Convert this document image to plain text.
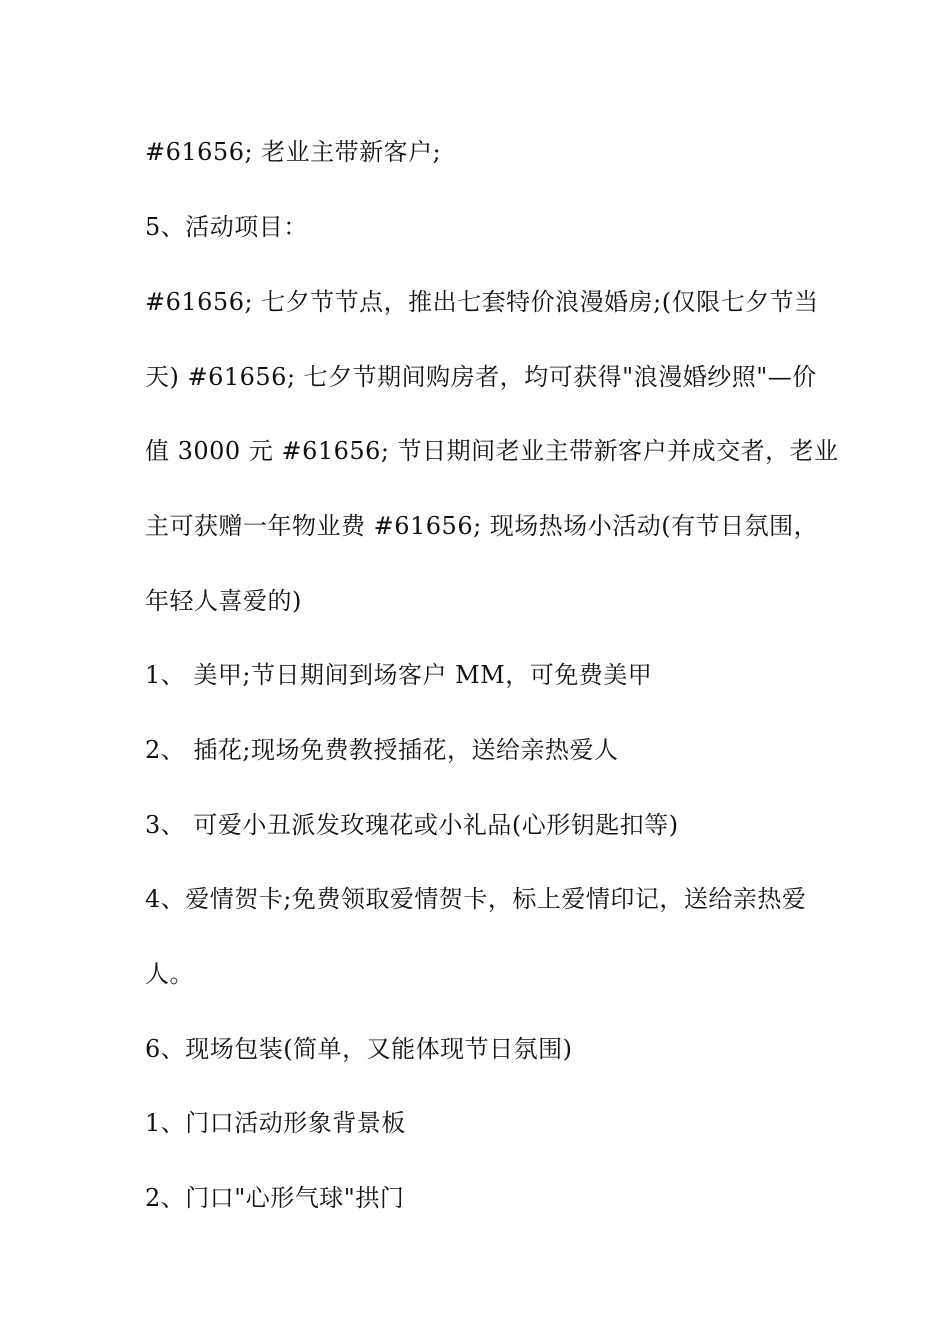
#61656; 老业主带新客户;
5、活动项目：
#61656; 七夕节节点，推出七套特价浪漫婚房;(仅限七夕节当
天) #61656; 七夕节期间购房者，均可获得"浪漫婚纱照"—价
值 3000 元 #61656; 节日期间老业主带新客户并成交者，老业
主可获赠一年物业费 #61656; 现场热场小活动(有节日氛围，
年轻人喜爱的)
1、 美甲;节日期间到场客户 MM，可免费美甲
2、 插花;现场免费教授插花，送给亲热爱人
3、 可爱小丑派发玫瑰花或小礼品(心形钥匙扣等)
4、爱情贺卡;免费领取爱情贺卡，标上爱情印记，送给亲热爱
人。
6、现场包装(简单，又能体现节日氛围)
1、门口活动形象背景板
2、门口"心形气球"拱门
